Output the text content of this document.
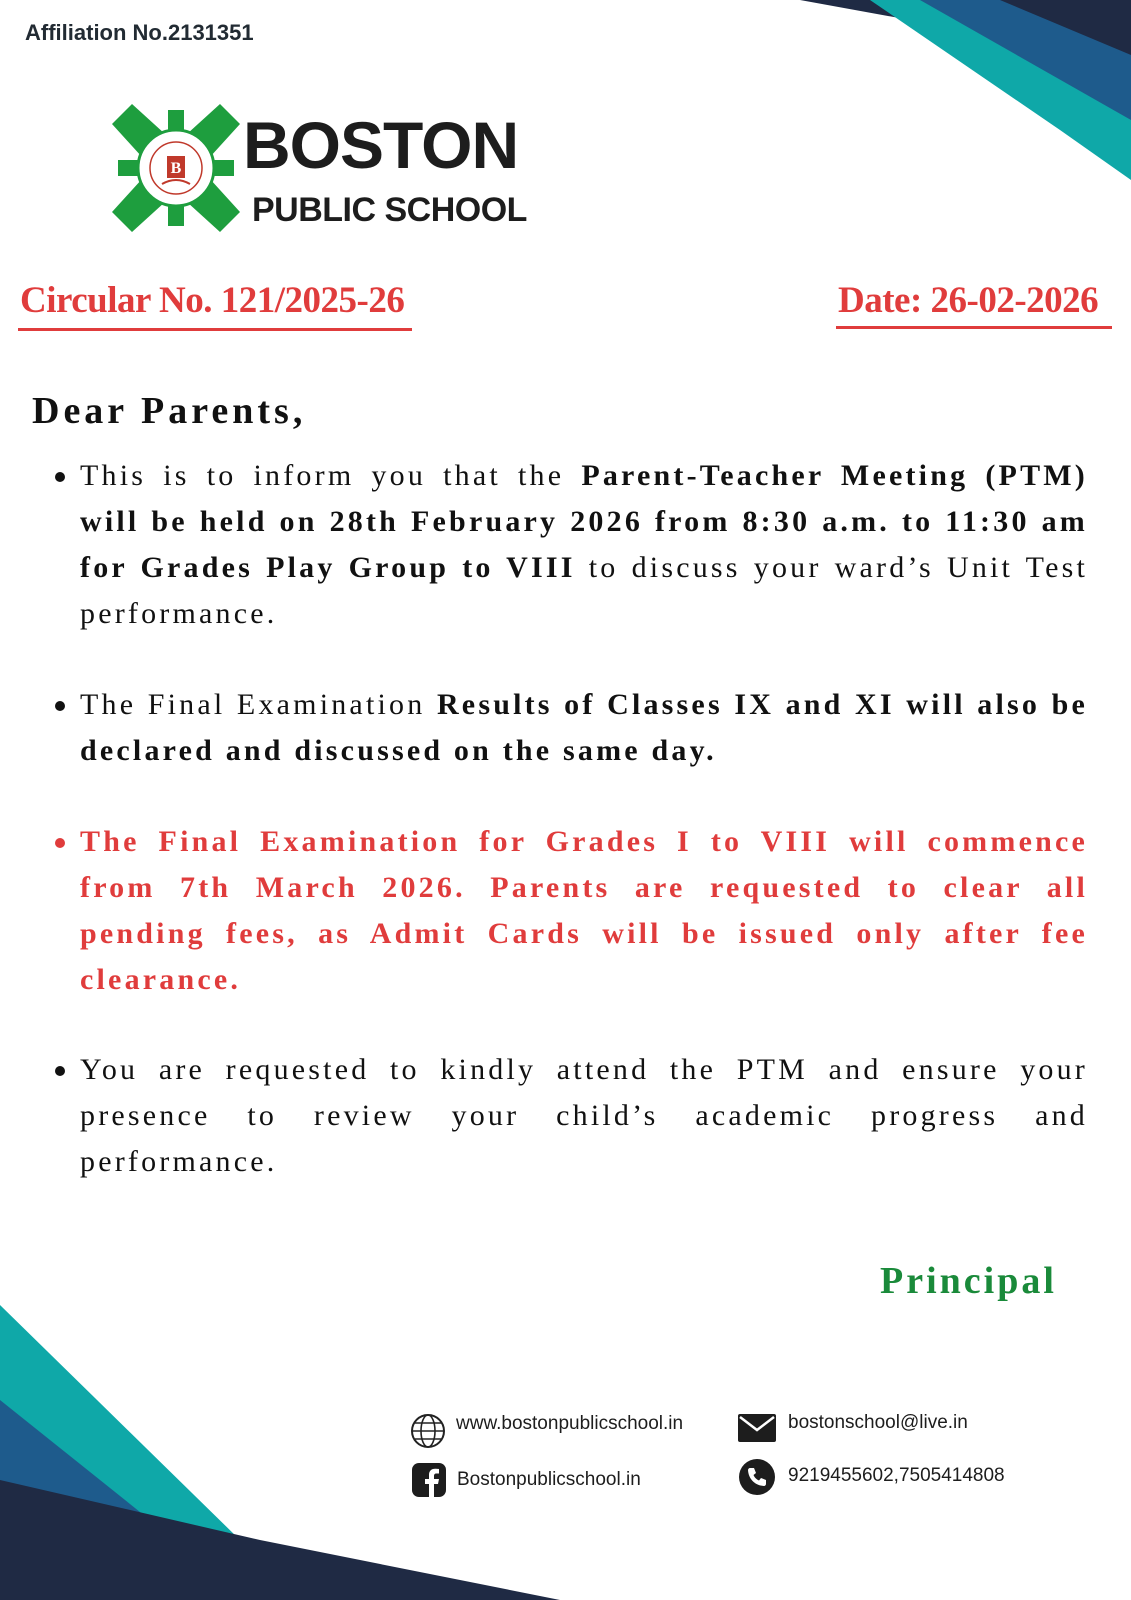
Affiliation No.2131351
B BOSTON
PUBLIC SCHOOL
Circular No. 121/2025-26	Date: 26-02-2026
Dear Parents,
This is to inform you that the Parent-Teacher Meeting (PTM) will be held on 28th February 2026 from 8:30 a.m. to 11:30 am for Grades Play Group to VIII to discuss your ward’s Unit Test performance.
The Final Examination Results of Classes IX and XI will also be declared and discussed on the same day.
The Final Examination for Grades I to VIII will commence from 7th March 2026. Parents are requested to clear all pending fees, as Admit Cards will be issued only after fee clearance.
You are requested to kindly attend the PTM and ensure your presence to review your child’s academic progress and performance.
Principal
www.bostonpublicschool.in
Bostonpublicschool.in
bostonschool@live.in
9219455602,7505414808
